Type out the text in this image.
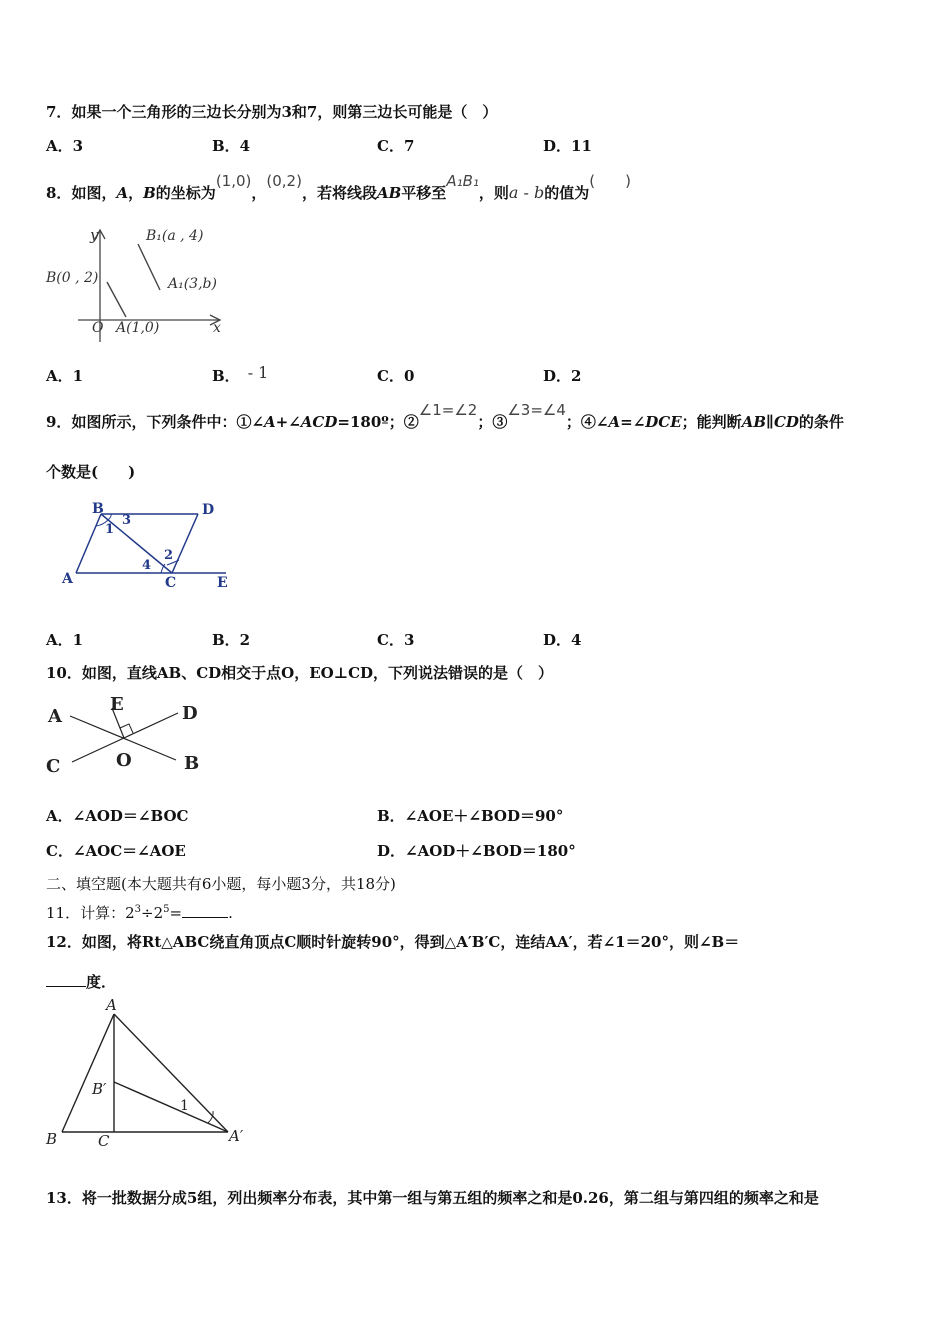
7．如果一个三角形的三边长分别为3和7，则第三边长可能是（　）
A．3	B．4	C．7	D．11
8．如图，A，B的坐标为(1,0)，(0,2)，若将线段AB平移至A₁B₁，则a - b的值为(　　)
y
x
O
B(0 , 2)
A(1,0)
B₁(a , 4)
A₁(3,b)
A．1	B． - 1	C．0	D．2
9．如图所示，下列条件中：①∠A+∠ACD=180º；②∠1=∠2；③∠3=∠4；④∠A=∠DCE；能判断AB∥CD的条件
个数是(　　)
B	D
A	C	E
1
3
2
4
A．1	B．2	C．3	D．4
10．如图，直线AB、CD相交于点O，EO⊥CD，下列说法错误的是（　）
A
E	D
C	O	B
A．∠AOD＝∠BOC	B．∠AOE＋∠BOD＝90°
C．∠AOC＝∠AOE	D．∠AOD＋∠BOD＝180°
二、填空题(本大题共有6小题，每小题3分，共18分)
11．计算：$2^3\div 2^5=$	.
12．如图，将Rt△ABC绕直角顶点C顺时针旋转90°，得到△A′B′C，连结AA′，若∠1＝20°，则∠B＝
度．
A
B′
1
B	C	A′
13．将一批数据分成5组，列出频率分布表，其中第一组与第五组的频率之和是0.26，第二组与第四组的频率之和是
